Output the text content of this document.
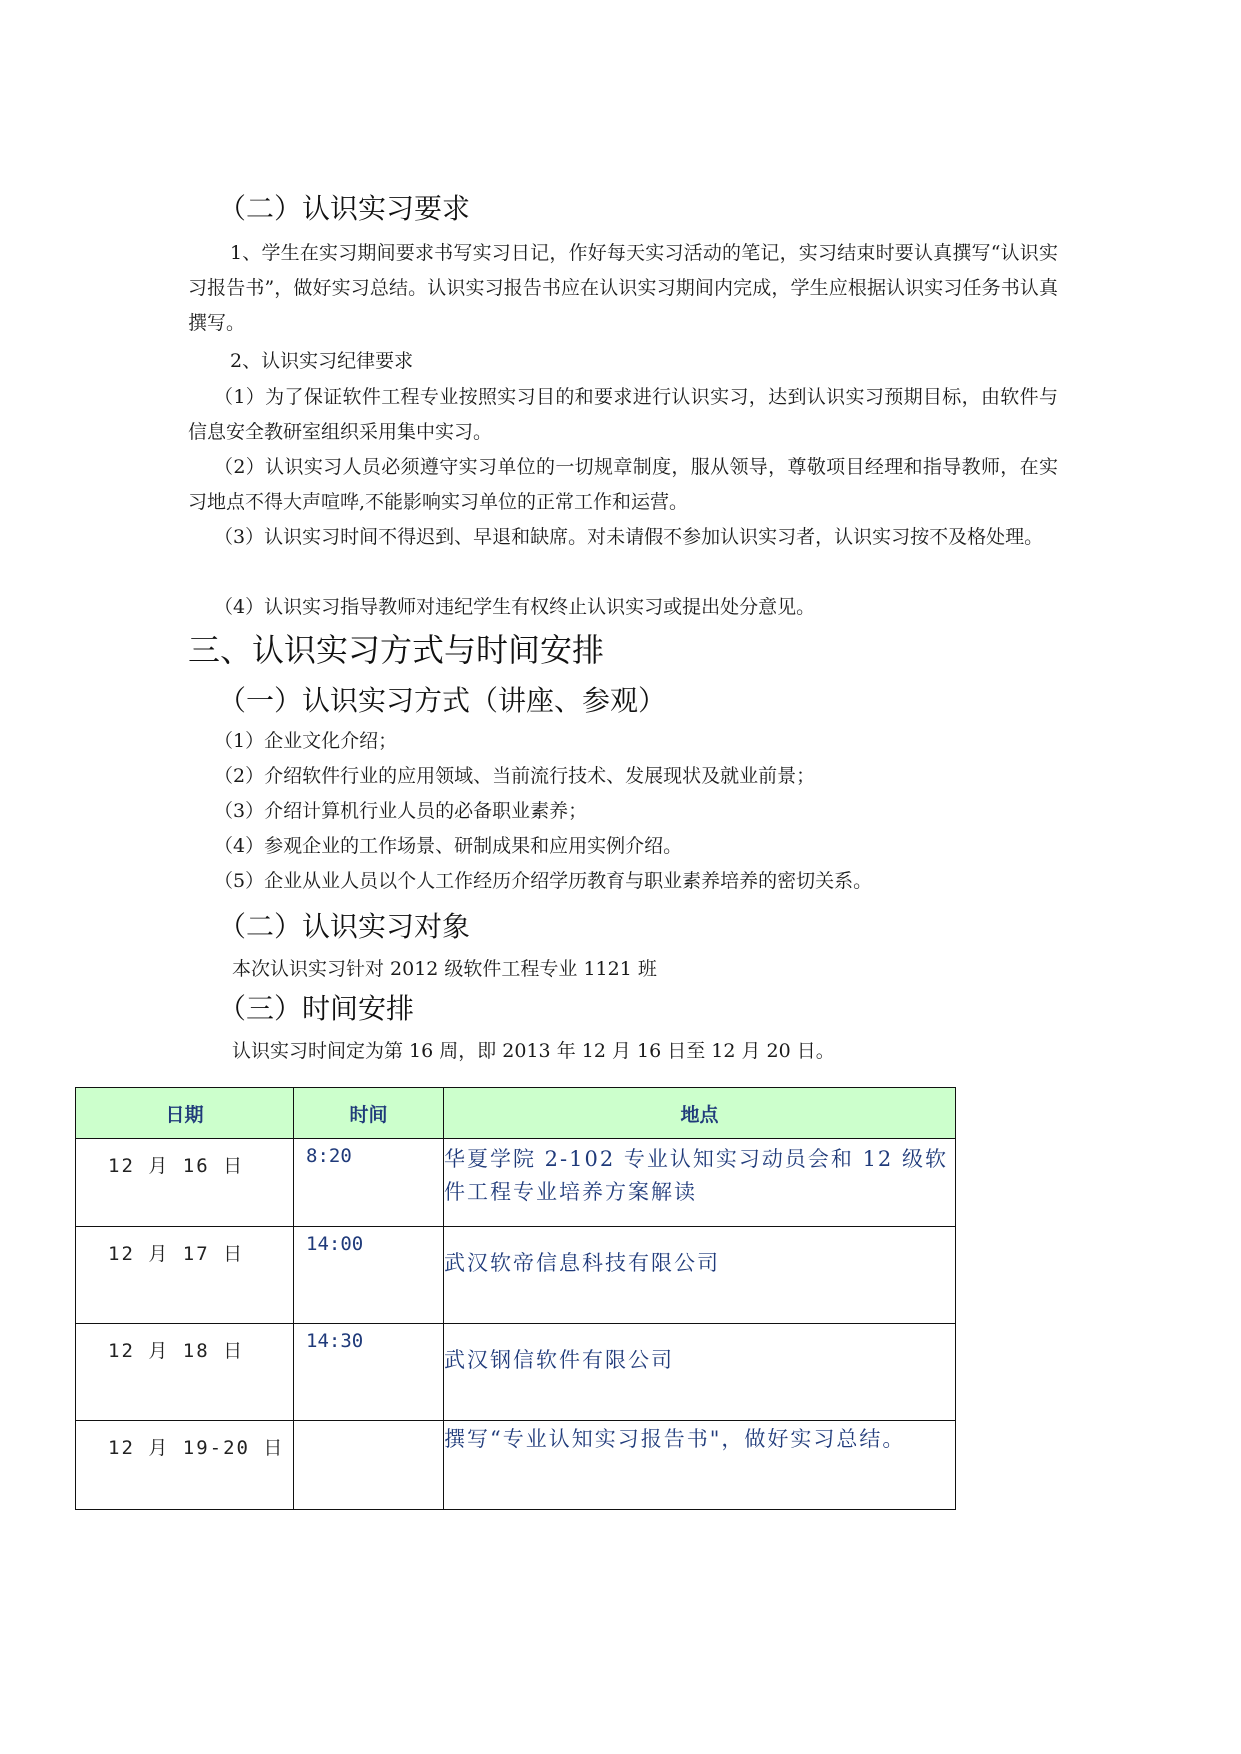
（二）认识实习要求
1、学生在实习期间要求书写实习日记，作好每天实习活动的笔记，实习结束时要认真撰写“认识实习报告书”，做好实习总结。认识实习报告书应在认识实习期间内完成，学生应根据认识实习任务书认真撰写。
2、认识实习纪律要求
（1）为了保证软件工程专业按照实习目的和要求进行认识实习，达到认识实习预期目标，由软件与信息安全教研室组织采用集中实习。
（2）认识实习人员必须遵守实习单位的一切规章制度，服从领导，尊敬项目经理和指导教师，在实习地点不得大声喧哗,不能影响实习单位的正常工作和运营。
（3）认识实习时间不得迟到、早退和缺席。对未请假不参加认识实习者，认识实习按不及格处理。
（4）认识实习指导教师对违纪学生有权终止认识实习或提出处分意见。
三、认识实习方式与时间安排
（一）认识实习方式（讲座、参观）
（1）企业文化介绍；
（2）介绍软件行业的应用领域、当前流行技术、发展现状及就业前景；
（3）介绍计算机行业人员的必备职业素养；
（4）参观企业的工作场景、研制成果和应用实例介绍。
（5）企业从业人员以个人工作经历介绍学历教育与职业素养培养的密切关系。
（二）认识实习对象
本次认识实习针对 2012 级软件工程专业 1121 班
（三）时间安排
认识实习时间定为第 16 周，即 2013 年 12 月 16 日至 12 月 20 日。
日期	时间	地点
12 月 16 日	8:20	华夏学院 2-102 专业认知实习动员会和 12 级软件工程专业培养方案解读
12 月 17 日	14:00	武汉软帝信息科技有限公司
12 月 18 日	14:30	武汉钢信软件有限公司
12 月 19-20 日		撰写“专业认知实习报告书"，做好实习总结。
